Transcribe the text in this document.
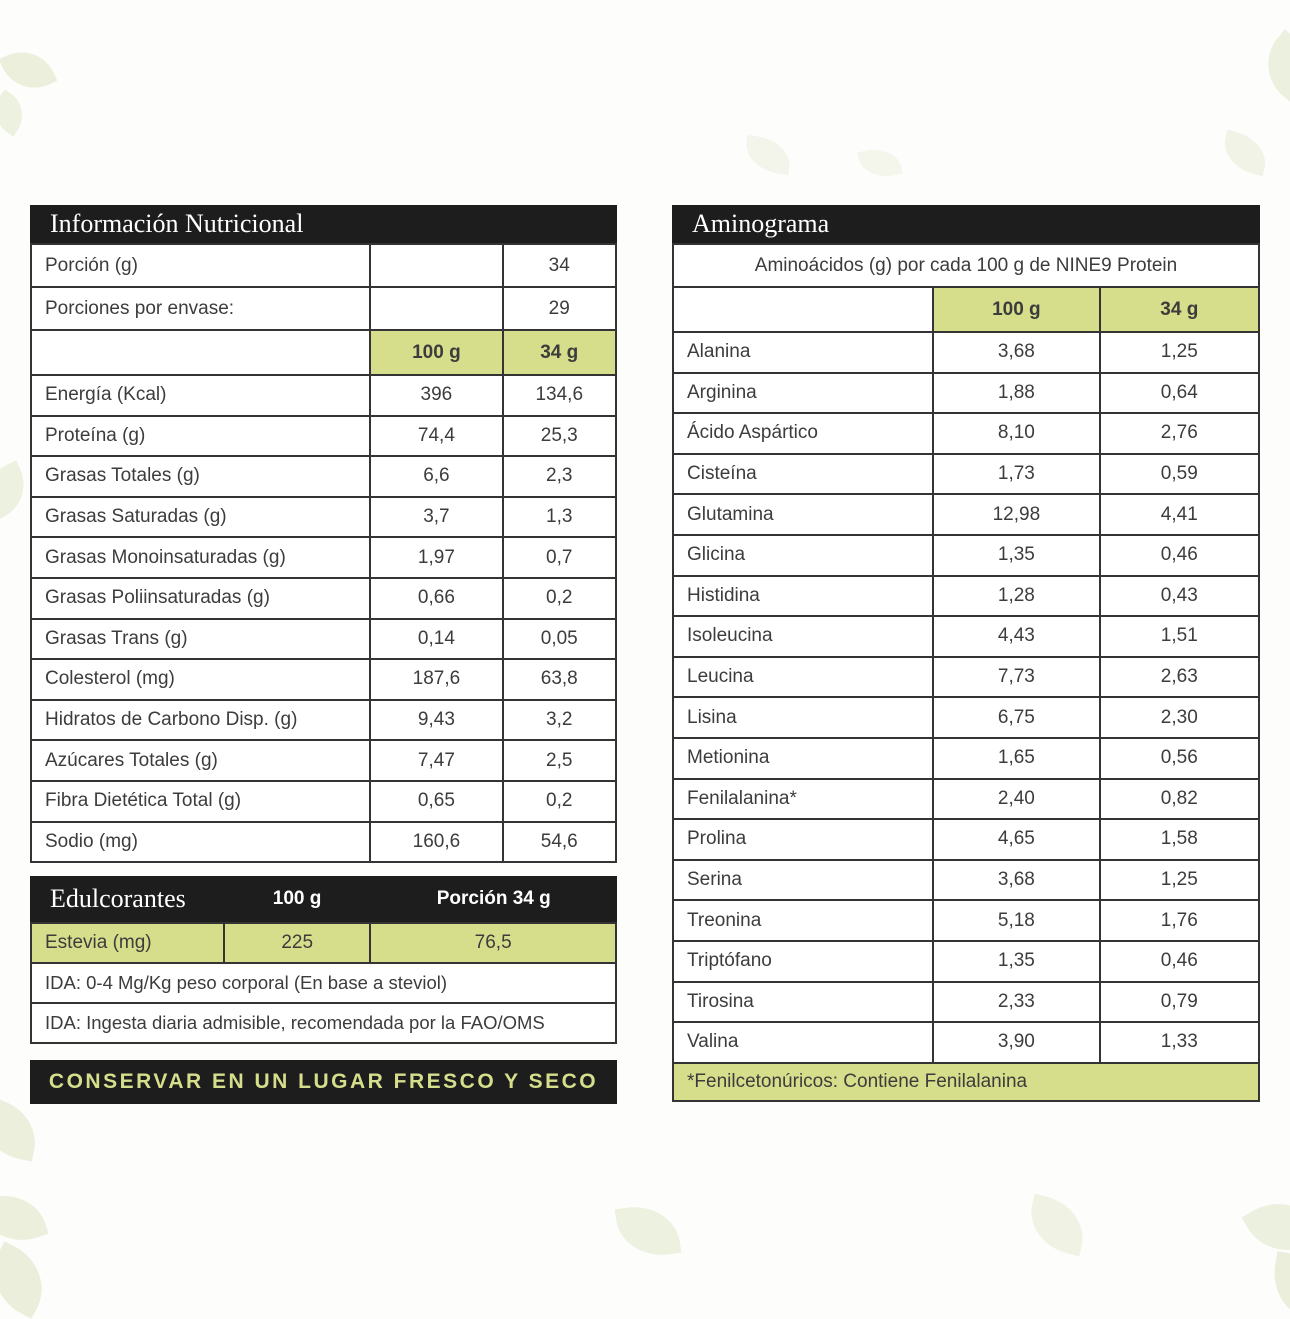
Información Nutricional
Porción (g)		34
Porciones por envase:		29
	100 g	34 g
Energía (Kcal)	396	134,6
Proteína (g)	74,4	25,3
Grasas Totales (g)	6,6	2,3
Grasas Saturadas (g)	3,7	1,3
Grasas Monoinsaturadas (g)	1,97	0,7
Grasas Poliinsaturadas (g)	0,66	0,2
Grasas Trans (g)	0,14	0,05
Colesterol (mg)	187,6	63,8
Hidratos de Carbono Disp. (g)	9,43	3,2
Azúcares Totales (g)	7,47	2,5
Fibra Dietética Total (g)	0,65	0,2
Sodio (mg)	160,6	54,6
Edulcorantes	100 g	Porción 34 g
Estevia (mg)	225	76,5
IDA: 0-4 Mg/Kg peso corporal (En base a steviol)
IDA: Ingesta diaria admisible, recomendada por la FAO/OMS
CONSERVAR EN UN LUGAR FRESCO Y SECO
Aminograma
Aminoácidos (g) por cada 100 g de NINE9 Protein		
	100 g	34 g
Alanina	3,68	1,25
Arginina	1,88	0,64
Ácido Aspártico	8,10	2,76
Cisteína	1,73	0,59
Glutamina	12,98	4,41
Glicina	1,35	0,46
Histidina	1,28	0,43
Isoleucina	4,43	1,51
Leucina	7,73	2,63
Lisina	6,75	2,30
Metionina	1,65	0,56
Fenilalanina*	2,40	0,82
Prolina	4,65	1,58
Serina	3,68	1,25
Treonina	5,18	1,76
Triptófano	1,35	0,46
Tirosina	2,33	0,79
Valina	3,90	1,33
*Fenilcetonúricos: Contiene Fenilalanina		
